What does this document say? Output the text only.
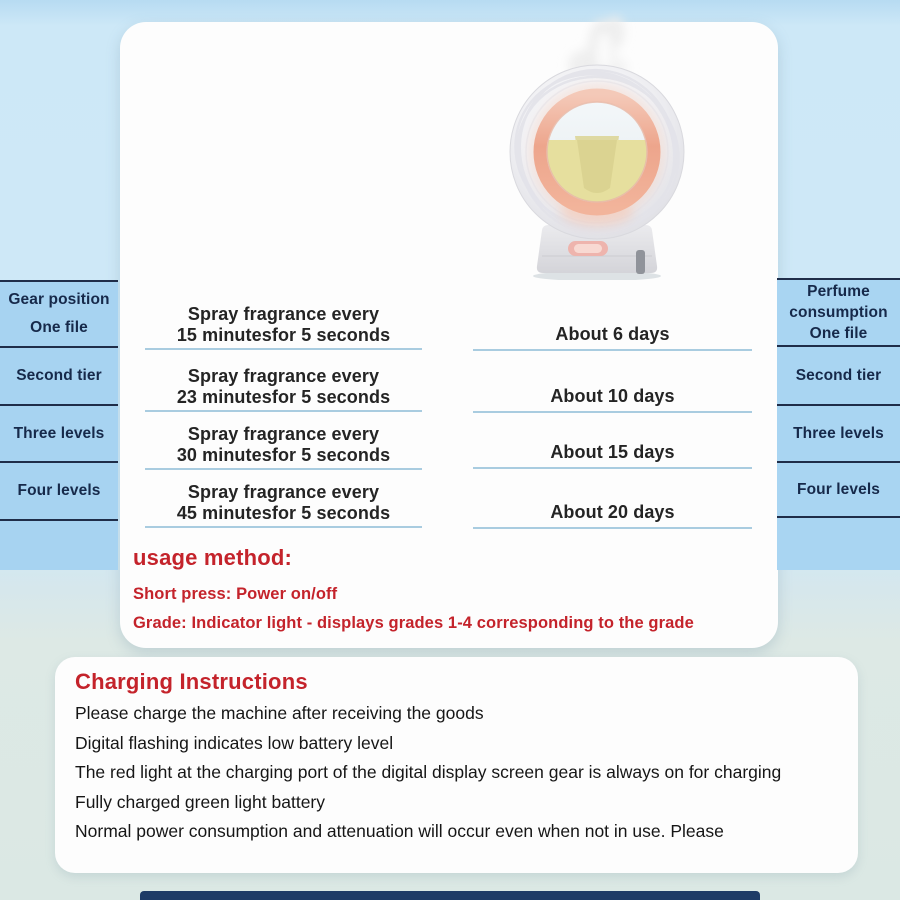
Gear position
One file
Second tier
Three levels
Four levels
Perfume
consumption
One file
Second tier
Three levels
Four levels
Spray fragrance every
15 minutesfor 5 seconds
Spray fragrance every
23 minutesfor 5 seconds
Spray fragrance every
30 minutesfor 5 seconds
Spray fragrance every
45 minutesfor 5 seconds
About 6 days
About 10 days
About 15 days
About 20 days

usage method:

Short press: Power on/off

Grade: Indicator light - displays grades 1-4 corresponding to the grade

Charging Instructions

Please charge the machine after receiving the goods

Digital flashing indicates low battery level

The red light at the charging port of the digital display screen gear is always on for charging

Fully charged green light battery

Normal power consumption and attenuation will occur even when not in use. Please
